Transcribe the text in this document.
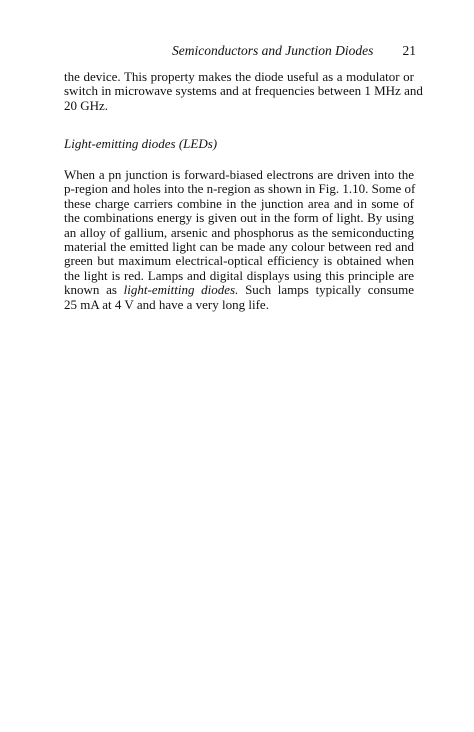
Semiconductors and Junction Diodes 21
the device. This property makes the diode useful as a modulator or
switch in microwave systems and at frequencies between 1 MHz and
20 GHz.
Light-emitting diodes (LEDs)
When a pn junction is forward-biased electrons are driven into the
p-region and holes into the n-region as shown in Fig. 1.10. Some of
these charge carriers combine in the junction area and in some of
the combinations energy is given out in the form of light. By using
an alloy of gallium, arsenic and phosphorus as the semiconducting
material the emitted light can be made any colour between red and
green but maximum electrical-optical efficiency is obtained when
the light is red. Lamps and digital displays using this principle are
known as light-emitting diodes. Such lamps typically consume
25 mA at 4 V and have a very long life.
